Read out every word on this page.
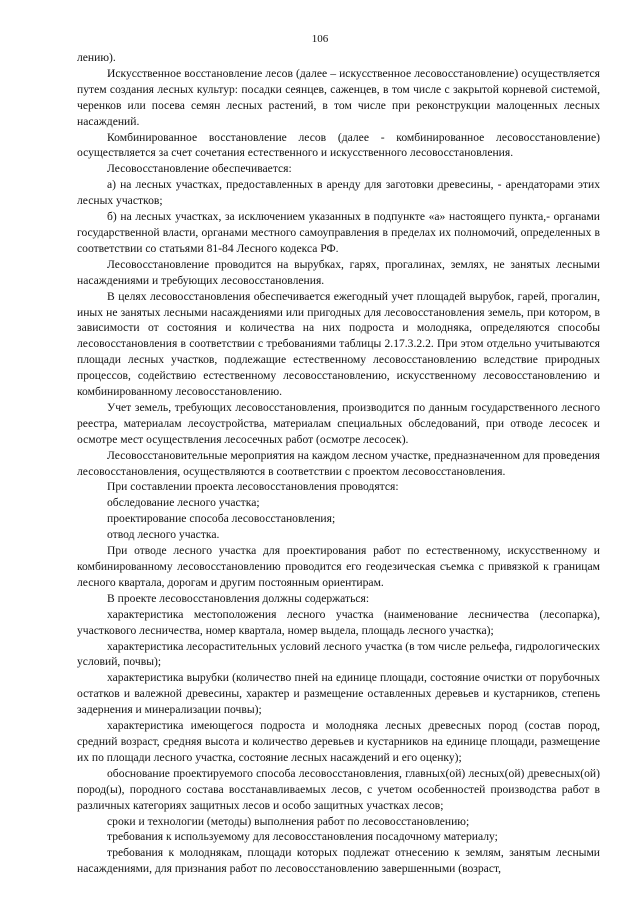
106

лению).

Искусственное восстановление лесов (далее – искусственное лесовосстановление) осуществляется путем создания лесных культур: посадки сеянцев, саженцев, в том числе с закрытой корневой системой, черенков или посева семян лесных растений, в том числе при реконструкции малоценных лесных насаждений.

Комбинированное восстановление лесов (далее - комбинированное лесовосстановление) осуществляется за счет сочетания естественного и искусственного лесовосстановления.

Лесовосстановление обеспечивается:

а) на лесных участках, предоставленных в аренду для заготовки древесины, - арендаторами этих лесных участков;

б) на лесных участках, за исключением указанных в подпункте «а» настоящего пункта,- органами государственной власти, органами местного самоуправления в пределах их полномочий, определенных в соответствии со статьями 81-84 Лесного кодекса РФ.

Лесовосстановление проводится на вырубках, гарях, прогалинах, землях, не занятых лесными насаждениями и требующих лесовосстановления.

В целях лесовосстановления обеспечивается ежегодный учет площадей вырубок, гарей, прогалин, иных не занятых лесными насаждениями или пригодных для лесовосстановления земель, при котором, в зависимости от состояния и количества на них подроста и молодняка, определяются способы лесовосстановления в соответствии с требованиями таблицы 2.17.3.2.2. При этом отдельно учитываются площади лесных участков, подлежащие естественному лесовосстановлению вследствие природных процессов, содействию естественному лесовосстановлению, искусственному лесовосстановлению и комбинированному лесовосстановлению.

Учет земель, требующих лесовосстановления, производится по данным государственного лесного реестра, материалам лесоустройства, материалам специальных обследований, при отводе лесосек и осмотре мест осуществления лесосечных работ (осмотре лесосек).

Лесовосстановительные мероприятия на каждом лесном участке, предназначенном для проведения лесовосстановления, осуществляются в соответствии с проектом лесовосстановления.

При составлении проекта лесовосстановления проводятся:

обследование лесного участка;

проектирование способа лесовосстановления;

отвод лесного участка.

При отводе лесного участка для проектирования работ по естественному, искусственному и комбинированному лесовосстановлению проводится его геодезическая съемка с привязкой к границам лесного квартала, дорогам и другим постоянным ориентирам.

В проекте лесовосстановления должны содержаться:

характеристика местоположения лесного участка (наименование лесничества (лесопарка), участкового лесничества, номер квартала, номер выдела, площадь лесного участка);

характеристика лесорастительных условий лесного участка (в том числе рельефа, гидрологических условий, почвы);

характеристика вырубки (количество пней на единице площади, состояние очистки от порубочных остатков и валежной древесины, характер и размещение оставленных деревьев и кустарников, степень задернения и минерализации почвы);

характеристика имеющегося подроста и молодняка лесных древесных пород (состав пород, средний возраст, средняя высота и количество деревьев и кустарников на единице площади, размещение их по площади лесного участка, состояние лесных насаждений и его оценку);

обоснование проектируемого способа лесовосстановления, главных(ой) лесных(ой) древесных(ой) пород(ы), породного состава восстанавливаемых лесов, с учетом особенностей производства работ в различных категориях защитных лесов и особо защитных участках лесов;

сроки и технологии (методы) выполнения работ по лесовосстановлению;

требования к используемому для лесовосстановления посадочному материалу;

требования к молоднякам, площади которых подлежат отнесению к землям, занятым лесными насаждениями, для признания работ по лесовосстановлению завершенными (возраст,
